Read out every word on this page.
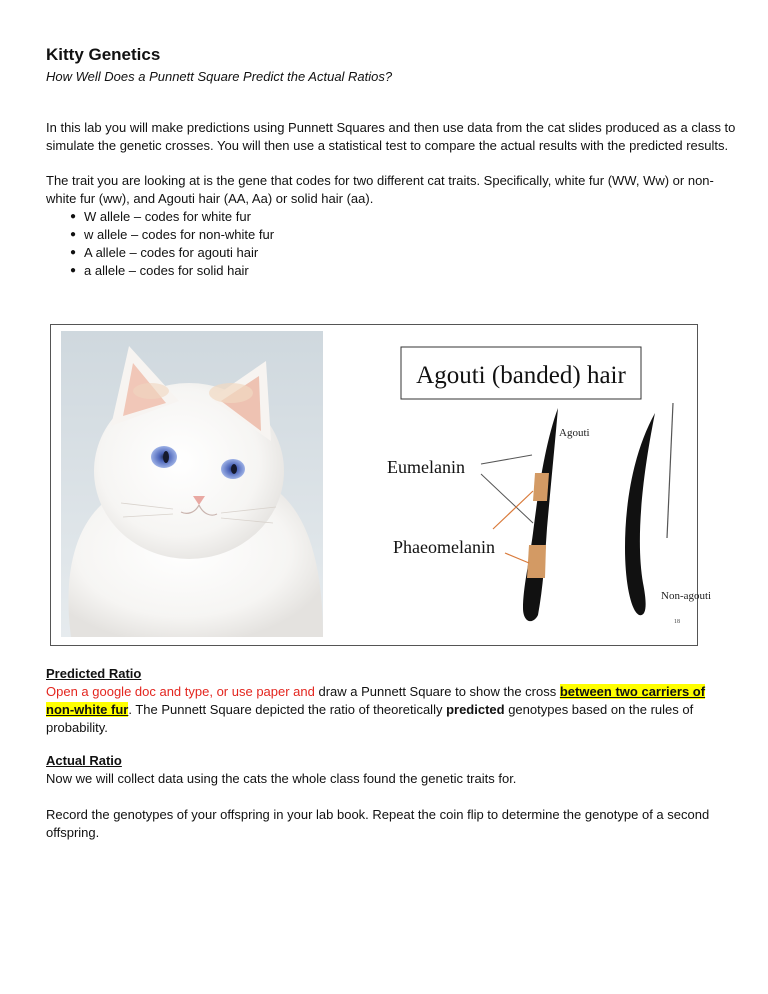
Kitty Genetics

How Well Does a Punnett Square Predict the Actual Ratios?

In this lab you will make predictions using Punnett Squares and then use data from the cat slides produced as a class to simulate the genetic crosses. You will then use a statistical test to compare the actual results with the predicted results.

The trait you are looking at is the gene that codes for two different cat traits. Specifically, white fur (WW, Ww) or non-white fur (ww), and Agouti hair (AA, Aa) or solid hair (aa).

● W allele – codes for white fur
● w allele – codes for non-white fur
● A allele – codes for agouti hair
● a allele – codes for solid hair
Agouti (banded) hair
Agouti
Eumelanin
Phaeomelanin
Non-agouti
18

Predicted Ratio

Open a google doc and type, or use paper and draw a Punnett Square to show the cross between two carriers of non-white fur. The Punnett Square depicted the ratio of theoretically predicted genotypes based on the rules of probability.

Actual Ratio

Now we will collect data using the cats the whole class found the genetic traits for.

Record the genotypes of your offspring in your lab book. Repeat the coin flip to determine the genotype of a second offspring.
